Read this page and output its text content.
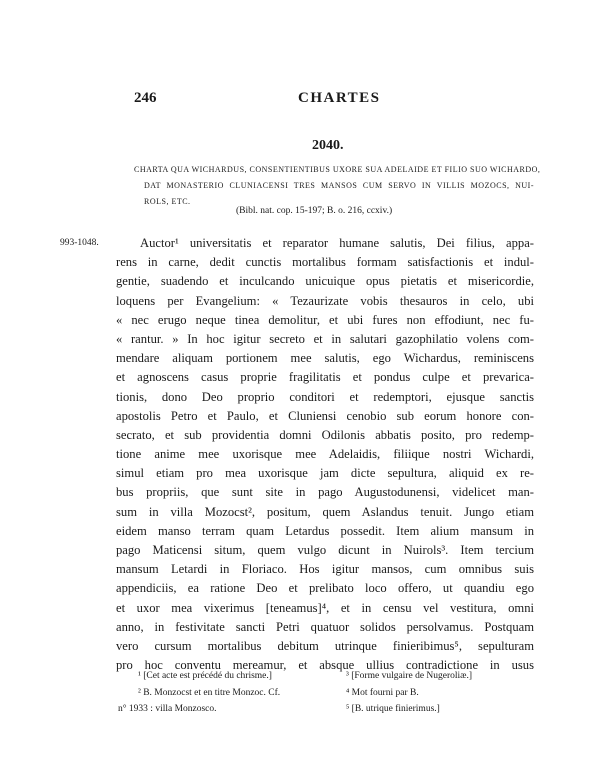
246	CHARTES
2040.
CHARTA QUA WICHARDUS, CONSENTIENTIBUS UXORE SUA ADELAIDE ET FILIO SUO WICHARDO,
DAT MONASTERIO CLUNIACENSI TRES MANSOS CUM SERVO IN VILLIS MOZOCS, NUI-
ROLS, ETC.
(Bibl. nat. cop. 15-197; B. o. 216, ccxiv.)
993-1048.	Auctor¹ universitatis et reparator humane salutis, Dei filius, appa-
rens in carne, dedit cunctis mortalibus formam satisfactionis et indul-
gentie, suadendo et inculcando unicuique opus pietatis et misericordie,
loquens per Evangelium: « Tezaurizate vobis thesauros in celo, ubi
« nec erugo neque tinea demolitur, et ubi fures non effodiunt, nec fu-
« rantur. » In hoc igitur secreto et in salutari gazophilatio volens com-
mendare aliquam portionem mee salutis, ego Wichardus, reminiscens
et agnoscens casus proprie fragilitatis et pondus culpe et prevarica-
tionis, dono Deo proprio conditori et redemptori, ejusque sanctis
apostolis Petro et Paulo, et Cluniensi cenobio sub eorum honore con-
secrato, et sub providentia domni Odilonis abbatis posito, pro redemp-
tione anime mee uxorisque mee Adelaidis, filiique nostri Wichardi,
simul etiam pro mea uxorisque jam dicte sepultura, aliquid ex re-
bus propriis, que sunt site in pago Augustodunensi, videlicet man-
sum in villa Mozocst², positum, quem Aslandus tenuit. Jungo etiam
eidem manso terram quam Letardus possedit. Item alium mansum in
pago Maticensi situm, quem vulgo dicunt in Nuirols³. Item tercium
mansum Letardi in Floriaco. Hos igitur mansos, cum omnibus suis
appendiciis, ea ratione Deo et prelibato loco offero, ut quandiu ego
et uxor mea vixerimus [teneamus]⁴, et in censu vel vestitura, omni
anno, in festivitate sancti Petri quatuor solidos persolvamus. Postquam
vero cursum mortalibus debitum utrinque finieribimus⁵, sepulturam
pro hoc conventu mereamur, et absque ullius contradictione in usus
¹ [Cet acte est précédé du chrisme.]
² B. Monzocst et en titre Monzoc. Cf.
n° 1933 : villa Monzosco.
³ [Forme vulgaire de Nugeroliæ.]
⁴ Mot fourni par B.
⁵ [B. utrique finierimus.]
